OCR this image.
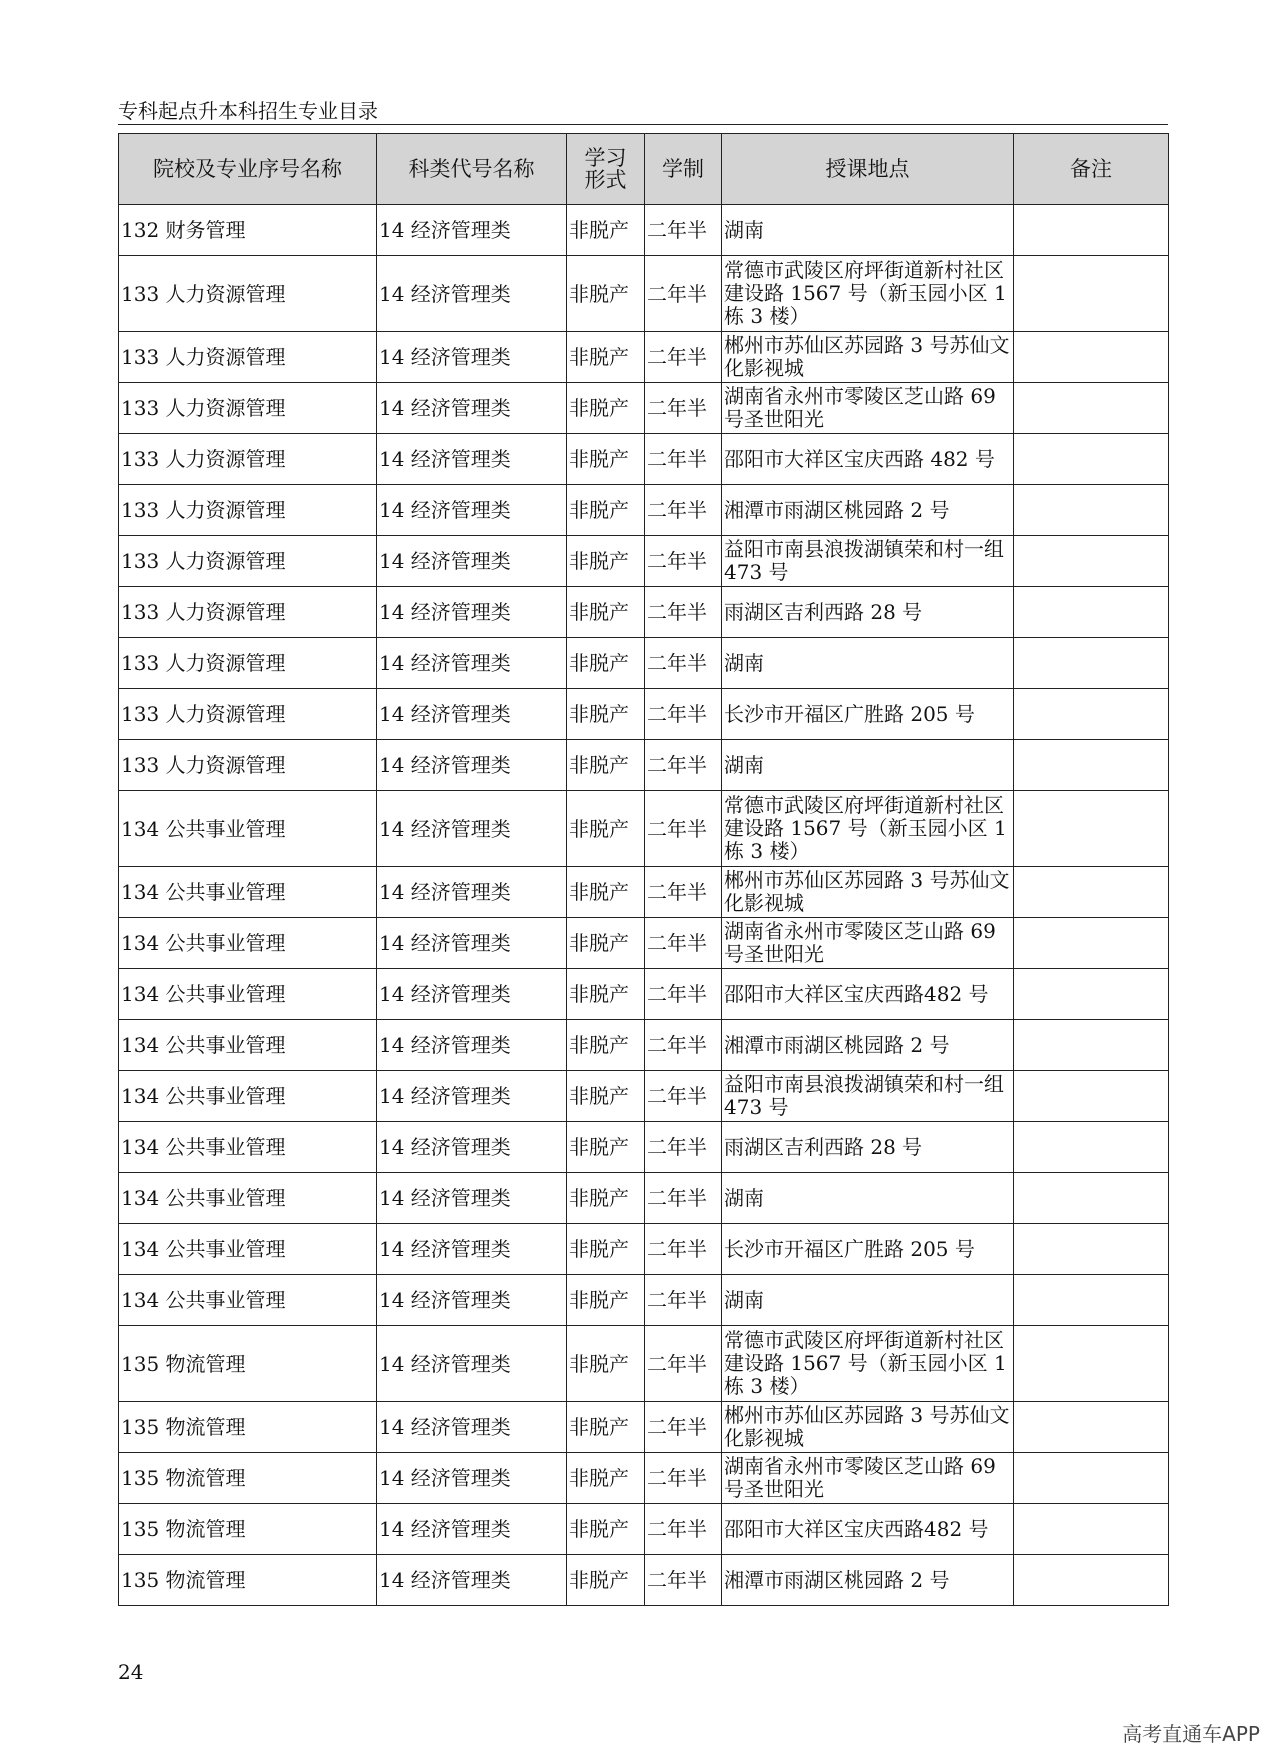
专科起点升本科招生专业目录
院校及专业序号名称	科类代号名称	学习形式	学制	授课地点	备注
132 财务管理	14 经济管理类	非脱产	二年半	湖南	
133 人力资源管理	14 经济管理类	非脱产	二年半	常德市武陵区府坪街道新村社区建设路 1567 号（新玉园小区 1 栋 3 楼）	
133 人力资源管理	14 经济管理类	非脱产	二年半	郴州市苏仙区苏园路 3 号苏仙文化影视城	
133 人力资源管理	14 经济管理类	非脱产	二年半	湖南省永州市零陵区芝山路 69 号圣世阳光	
133 人力资源管理	14 经济管理类	非脱产	二年半	邵阳市大祥区宝庆西路 482 号	
133 人力资源管理	14 经济管理类	非脱产	二年半	湘潭市雨湖区桃园路 2 号	
133 人力资源管理	14 经济管理类	非脱产	二年半	益阳市南县浪拨湖镇荣和村一组 473 号	
133 人力资源管理	14 经济管理类	非脱产	二年半	雨湖区吉利西路 28 号	
133 人力资源管理	14 经济管理类	非脱产	二年半	湖南	
133 人力资源管理	14 经济管理类	非脱产	二年半	长沙市开福区广胜路 205 号	
133 人力资源管理	14 经济管理类	非脱产	二年半	湖南	
134 公共事业管理	14 经济管理类	非脱产	二年半	常德市武陵区府坪街道新村社区建设路 1567 号（新玉园小区 1 栋 3 楼）	
134 公共事业管理	14 经济管理类	非脱产	二年半	郴州市苏仙区苏园路 3 号苏仙文化影视城	
134 公共事业管理	14 经济管理类	非脱产	二年半	湖南省永州市零陵区芝山路 69 号圣世阳光	
134 公共事业管理	14 经济管理类	非脱产	二年半	邵阳市大祥区宝庆西路482 号	
134 公共事业管理	14 经济管理类	非脱产	二年半	湘潭市雨湖区桃园路 2 号	
134 公共事业管理	14 经济管理类	非脱产	二年半	益阳市南县浪拨湖镇荣和村一组 473 号	
134 公共事业管理	14 经济管理类	非脱产	二年半	雨湖区吉利西路 28 号	
134 公共事业管理	14 经济管理类	非脱产	二年半	湖南	
134 公共事业管理	14 经济管理类	非脱产	二年半	长沙市开福区广胜路 205 号	
134 公共事业管理	14 经济管理类	非脱产	二年半	湖南	
135 物流管理	14 经济管理类	非脱产	二年半	常德市武陵区府坪街道新村社区建设路 1567 号（新玉园小区 1 栋 3 楼）	
135 物流管理	14 经济管理类	非脱产	二年半	郴州市苏仙区苏园路 3 号苏仙文化影视城	
135 物流管理	14 经济管理类	非脱产	二年半	湖南省永州市零陵区芝山路 69 号圣世阳光	
135 物流管理	14 经济管理类	非脱产	二年半	邵阳市大祥区宝庆西路482 号	
135 物流管理	14 经济管理类	非脱产	二年半	湘潭市雨湖区桃园路 2 号	
24
高考直通车APP
